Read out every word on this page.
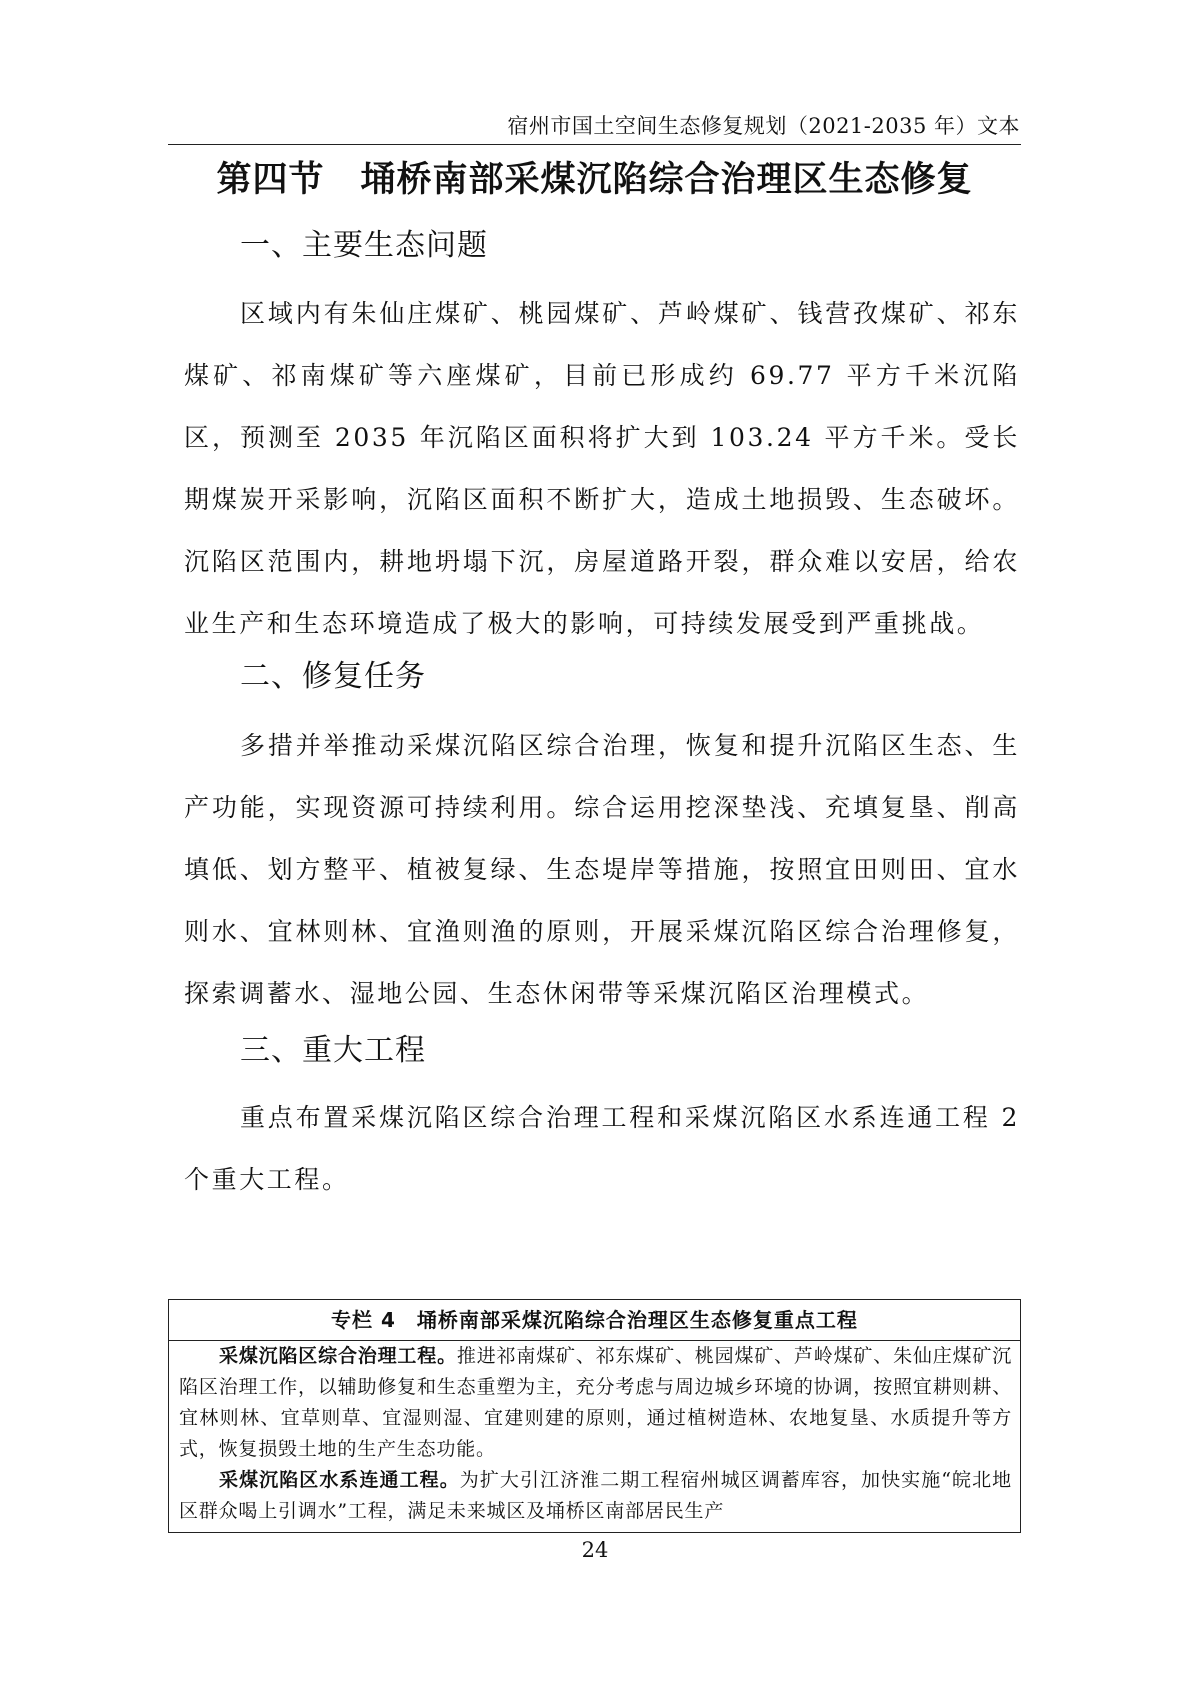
宿州市国土空间生态修复规划（2021-2035 年）文本
第四节　埇桥南部采煤沉陷综合治理区生态修复
一、主要生态问题
区域内有朱仙庄煤矿、桃园煤矿、芦岭煤矿、钱营孜煤矿、祁东煤矿、祁南煤矿等六座煤矿，目前已形成约 69.77 平方千米沉陷区，预测至 2035 年沉陷区面积将扩大到 103.24 平方千米。受长期煤炭开采影响，沉陷区面积不断扩大，造成土地损毁、生态破坏。沉陷区范围内，耕地坍塌下沉，房屋道路开裂，群众难以安居，给农业生产和生态环境造成了极大的影响，可持续发展受到严重挑战。
二、修复任务
多措并举推动采煤沉陷区综合治理，恢复和提升沉陷区生态、生产功能，实现资源可持续利用。综合运用挖深垫浅、充填复垦、削高填低、划方整平、植被复绿、生态堤岸等措施，按照宜田则田、宜水则水、宜林则林、宜渔则渔的原则，开展采煤沉陷区综合治理修复，探索调蓄水、湿地公园、生态休闲带等采煤沉陷区治理模式。
三、重大工程
重点布置采煤沉陷区综合治理工程和采煤沉陷区水系连通工程 2 个重大工程。
专栏 4　埇桥南部采煤沉陷综合治理区生态修复重点工程
采煤沉陷区综合治理工程。推进祁南煤矿、祁东煤矿、桃园煤矿、芦岭煤矿、朱仙庄煤矿沉陷区治理工作，以辅助修复和生态重塑为主，充分考虑与周边城乡环境的协调，按照宜耕则耕、宜林则林、宜草则草、宜湿则湿、宜建则建的原则，通过植树造林、农地复垦、水质提升等方式，恢复损毁土地的生产生态功能。
采煤沉陷区水系连通工程。为扩大引江济淮二期工程宿州城区调蓄库容，加快实施“皖北地区群众喝上引调水”工程，满足未来城区及埇桥区南部居民生产
24
